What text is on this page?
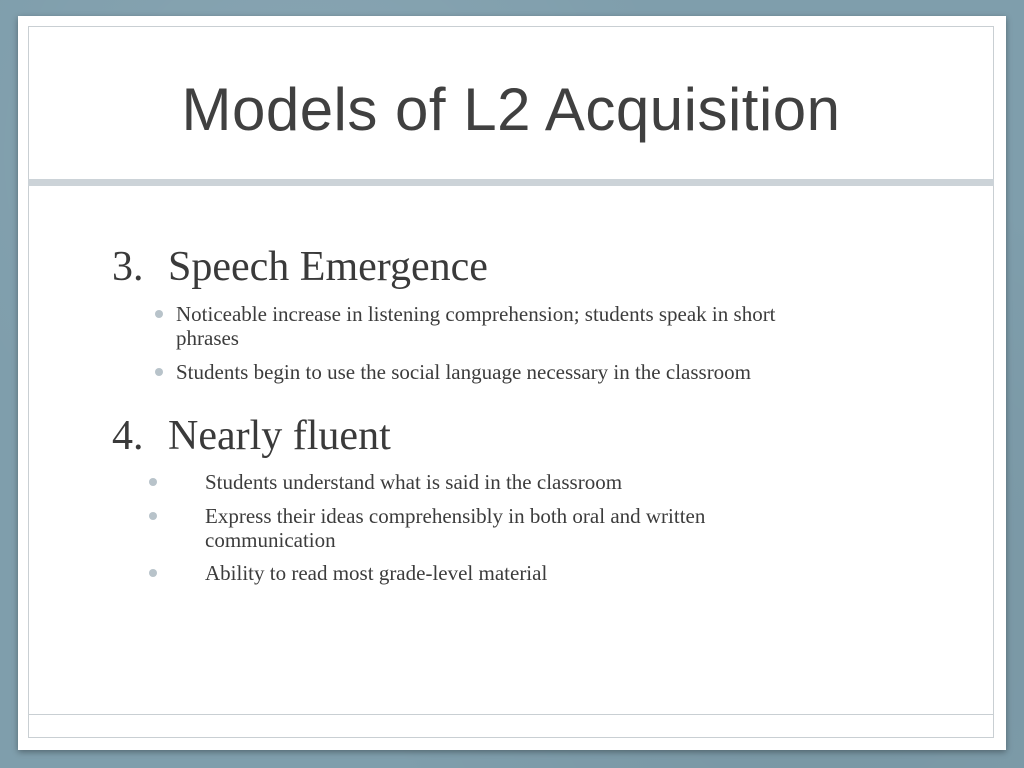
Models of L2 Acquisition
3. Speech Emergence
Noticeable increase in listening comprehension; students speak in short
phrases
Students begin to use the social language necessary in the classroom
4. Nearly fluent
Students understand what is said in the classroom
Express their ideas comprehensibly in both oral and written
communication
Ability to read most grade-level material
